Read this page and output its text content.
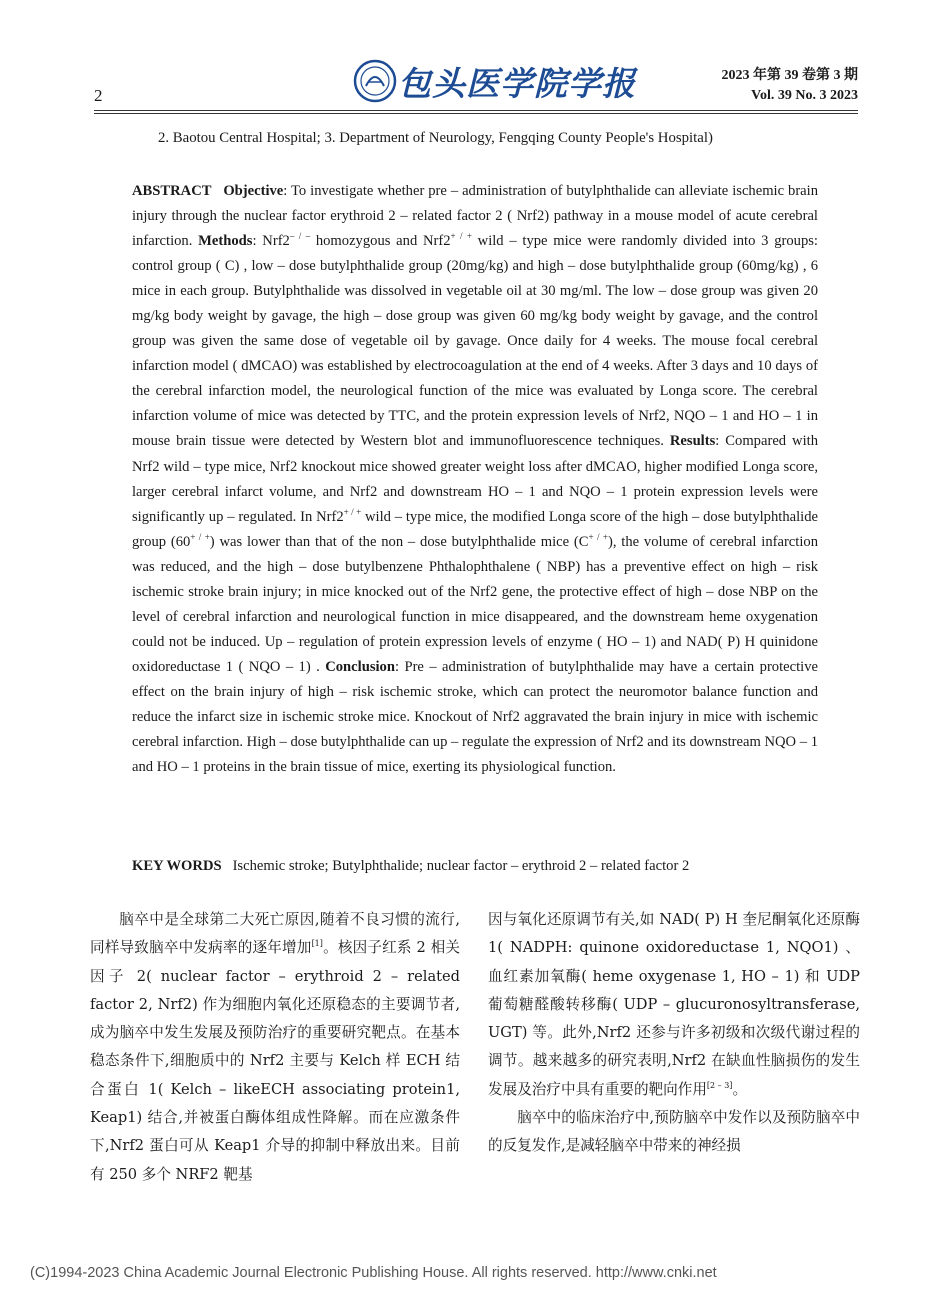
2	包头医学院学报	2023 年第 39 卷第 3 期
Vol. 39 No. 3 2023
2. Baotou Central Hospital; 3. Department of Neurology, Fengqing County People's Hospital)
ABSTRACT Objective: To investigate whether pre – administration of butylphthalide can alleviate ischemic brain injury through the nuclear factor erythroid 2 – related factor 2 ( Nrf2) pathway in a mouse model of acute cerebral infarction. Methods: Nrf2– / – homozygous and Nrf2+ / + wild – type mice were randomly divided into 3 groups: control group ( C) , low – dose butylphthalide group (20mg/kg) and high – dose butylphthalide group (60mg/kg) , 6 mice in each group. Butylphthalide was dissolved in vegetable oil at 30 mg/ml. The low – dose group was given 20 mg/kg body weight by gavage, the high – dose group was given 60 mg/kg body weight by gavage, and the control group was given the same dose of vegetable oil by gavage. Once daily for 4 weeks. The mouse focal cerebral infarction model ( dMCAO) was established by electrocoagulation at the end of 4 weeks. After 3 days and 10 days of the cerebral infarction model, the neurological function of the mice was evaluated by Longa score. The cerebral infarction volume of mice was detected by TTC, and the protein expression levels of Nrf2, NQO – 1 and HO – 1 in mouse brain tissue were detected by Western blot and immunofluorescence techniques. Results: Compared with Nrf2 wild – type mice, Nrf2 knockout mice showed greater weight loss after dMCAO, higher modified Longa score, larger cerebral infarct volume, and Nrf2 and downstream HO – 1 and NQO – 1 protein expression levels were significantly up – regulated. In Nrf2+ / + wild – type mice, the modified Longa score of the high – dose butylphthalide group (60+ / +) was lower than that of the non – dose butylphthalide mice (C+ / +), the volume of cerebral infarction was reduced, and the high – dose butylbenzene Phthalophthalene ( NBP) has a preventive effect on high – risk ischemic stroke brain injury; in mice knocked out of the Nrf2 gene, the protective effect of high – dose NBP on the level of cerebral infarction and neurological function in mice disappeared, and the downstream heme oxygenation could not be induced. Up – regulation of protein expression levels of enzyme ( HO – 1) and NAD( P) H quinidone oxidoreductase 1 ( NQO – 1) . Conclusion: Pre – administration of butylphthalide may have a certain protective effect on the brain injury of high – risk ischemic stroke, which can protect the neuromotor balance function and reduce the infarct size in ischemic stroke mice. Knockout of Nrf2 aggravated the brain injury in mice with ischemic cerebral infarction. High – dose butylphthalide can up – regulate the expression of Nrf2 and its downstream NQO – 1 and HO – 1 proteins in the brain tissue of mice, exerting its physiological function.
KEY WORDS Ischemic stroke; Butylphthalide; nuclear factor – erythroid 2 – related factor 2

脑卒中是全球第二大死亡原因,随着不良习惯的流行,同样导致脑卒中发病率的逐年增加[1]。核因子红系 2 相关因子 2( nuclear factor – erythroid 2 – related factor 2, Nrf2) 作为细胞内氧化还原稳态的主要调节者,成为脑卒中发生发展及预防治疗的重要研究靶点。在基本稳态条件下,细胞质中的 Nrf2 主要与 Kelch 样 ECH 结合蛋白 1( Kelch – likeECH associating protein1, Keap1) 结合,并被蛋白酶体组成性降解。而在应激条件下,Nrf2 蛋白可从 Keap1 介导的抑制中释放出来。目前有 250 多个 NRF2 靶基

因与氧化还原调节有关,如 NAD( P) H 奎尼酮氧化还原酶 1( NADPH: quinone oxidoreductase 1, NQO1) 、血红素加氧酶( heme oxygenase 1, HO – 1) 和 UDP 葡萄糖醛酸转移酶( UDP – glucuronosyltransferase, UGT) 等。此外,Nrf2 还参与许多初级和次级代谢过程的调节。越来越多的研究表明,Nrf2 在缺血性脑损伤的发生发展及治疗中具有重要的靶向作用[2 – 3]。

脑卒中的临床治疗中,预防脑卒中发作以及预防脑卒中的反复发作,是减轻脑卒中带来的神经损

(C)1994-2023 China Academic Journal Electronic Publishing House. All rights reserved. http://www.cnki.net
